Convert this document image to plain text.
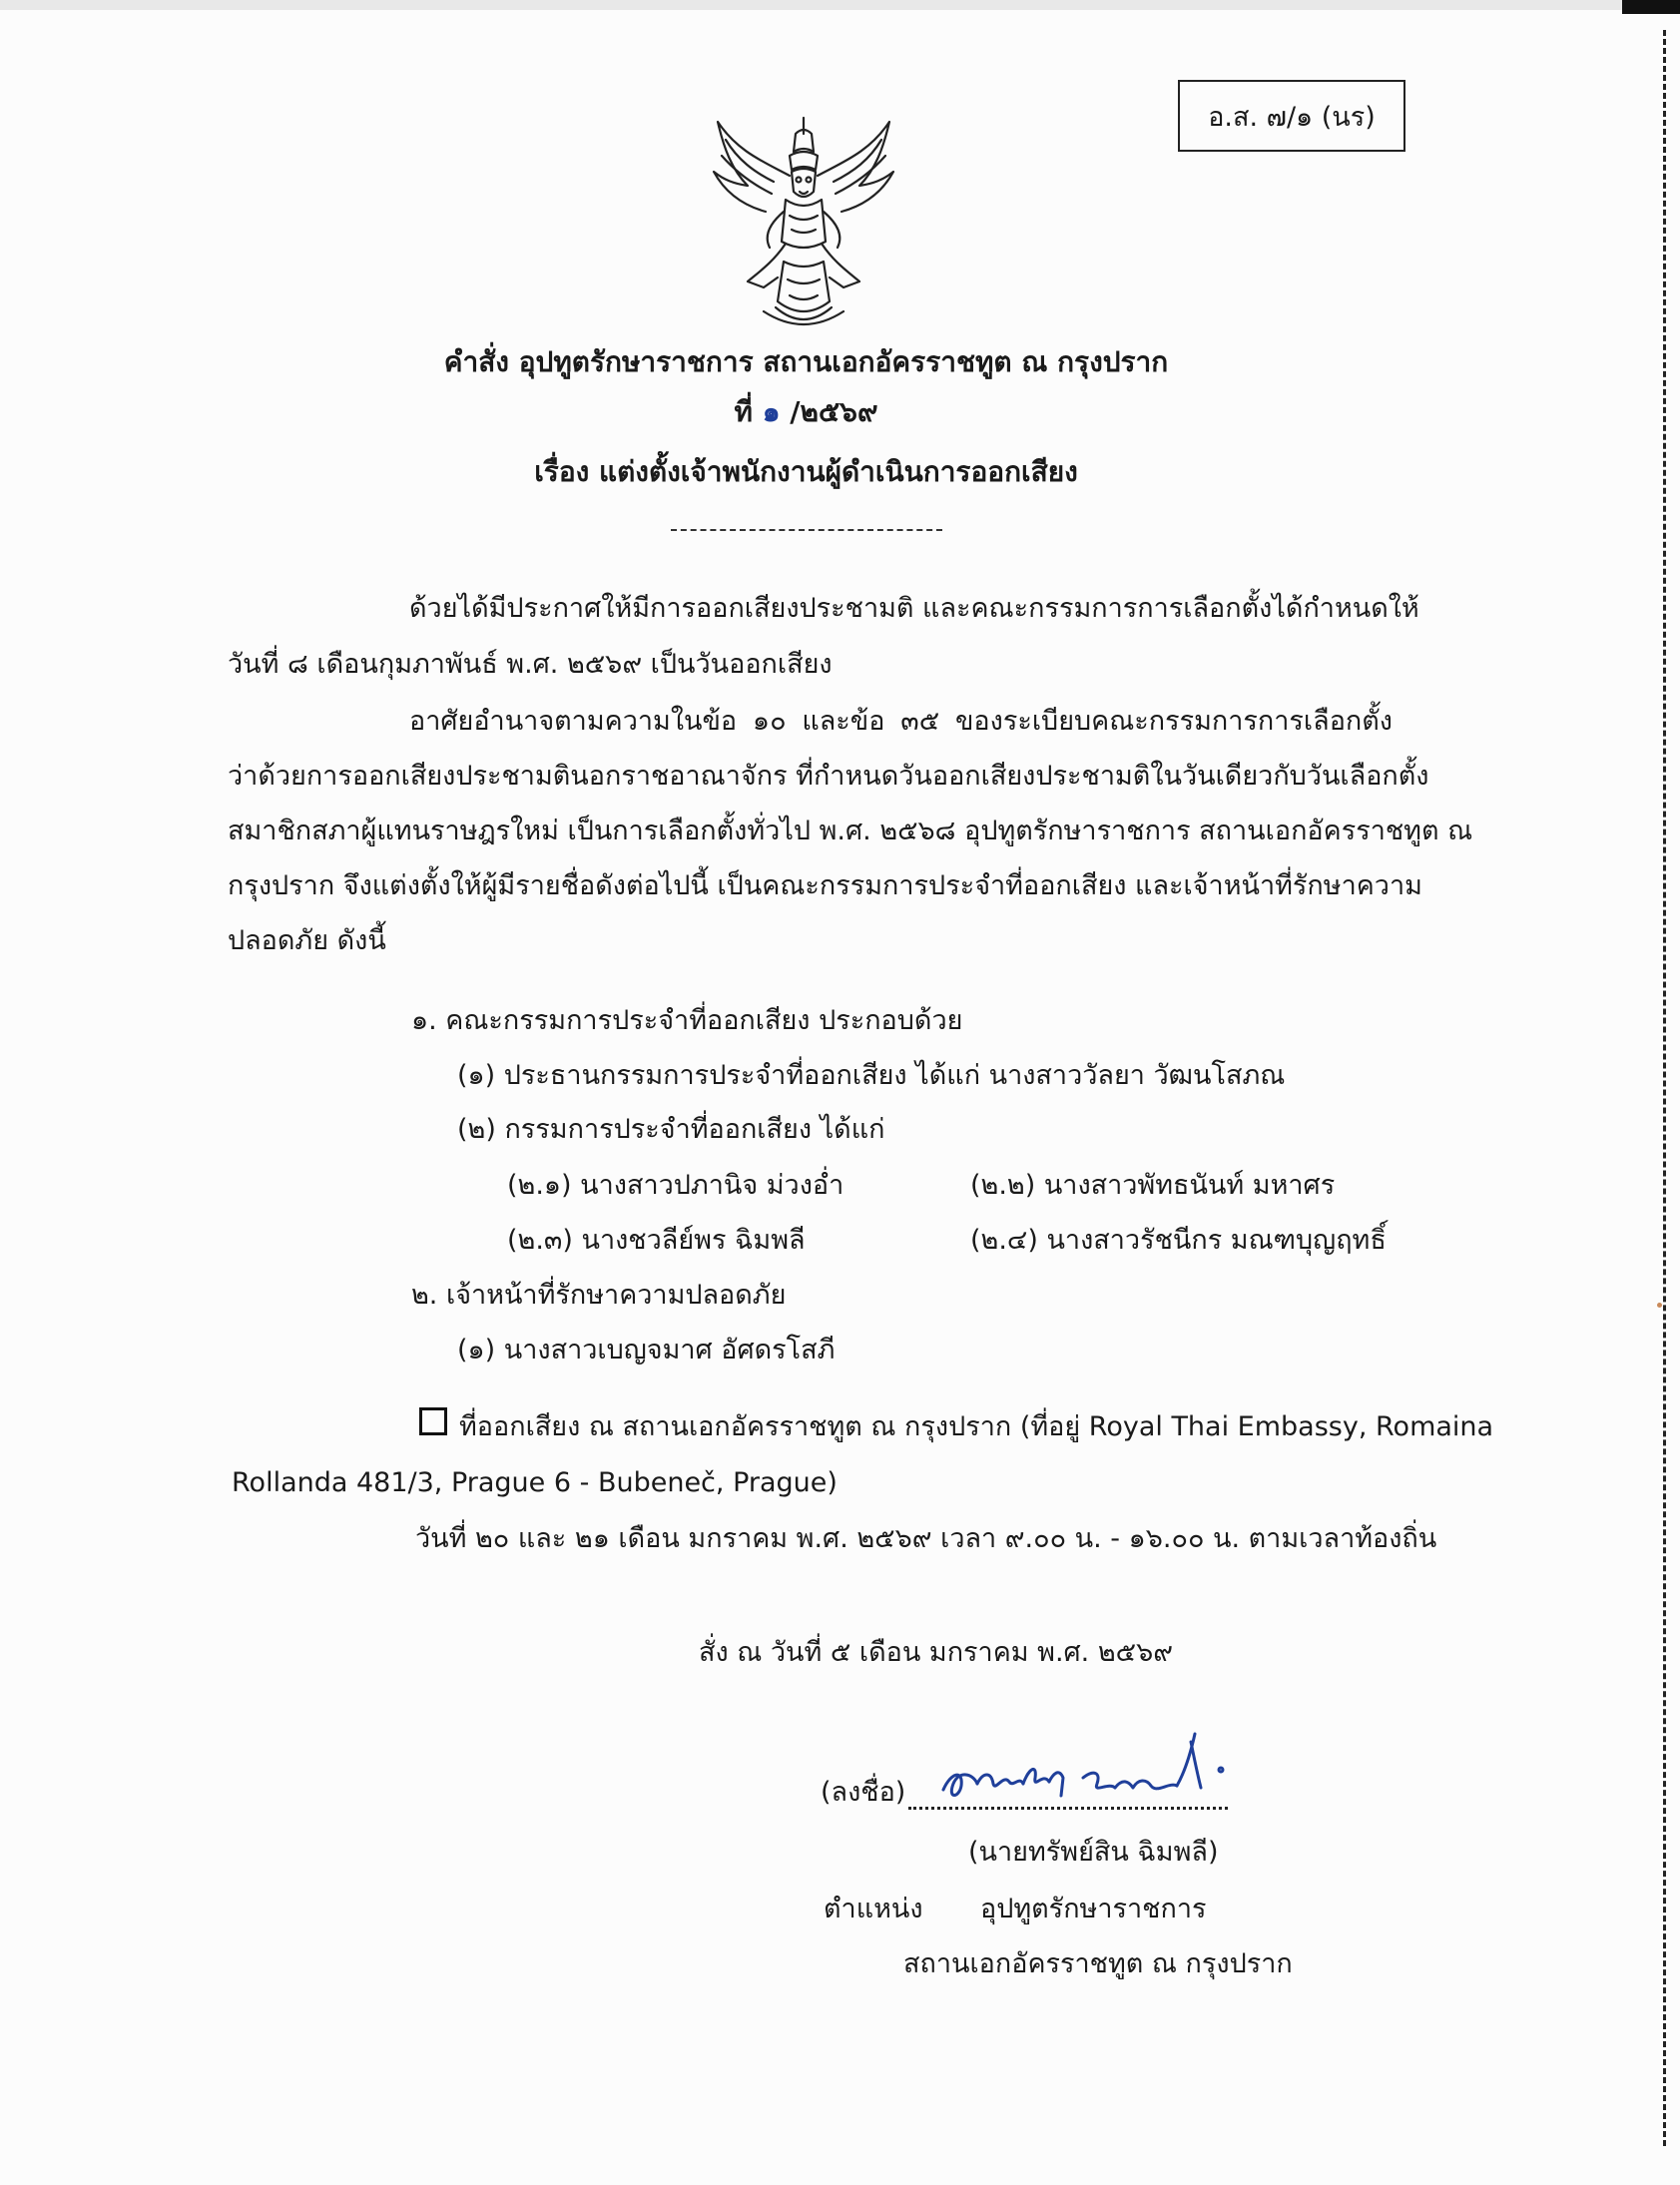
อ.ส. ๗/๑ (นร)
คำสั่ง อุปทูตรักษาราชการ สถานเอกอัครราชทูต ณ กรุงปราก
ที่ ๑ /๒๕๖๙
เรื่อง แต่งตั้งเจ้าพนักงานผู้ดำเนินการออกเสียง
ด้วยได้มีประกาศให้มีการออกเสียงประชามติ และคณะกรรมการการเลือกตั้งได้กำหนดให้
วันที่ ๘ เดือนกุมภาพันธ์ พ.ศ. ๒๕๖๙ เป็นวันออกเสียง
อาศัยอำนาจตามความในข้อ ๑๐ และข้อ ๓๕ ของระเบียบคณะกรรมการการเลือกตั้ง
ว่าด้วยการออกเสียงประชามตินอกราชอาณาจักร ที่กำหนดวันออกเสียงประชามติในวันเดียวกับวันเลือกตั้ง
สมาชิกสภาผู้แทนราษฎรใหม่ เป็นการเลือกตั้งทั่วไป พ.ศ. ๒๕๖๘ อุปทูตรักษาราชการ สถานเอกอัครราชทูต ณ
กรุงปราก จึงแต่งตั้งให้ผู้มีรายชื่อดังต่อไปนี้ เป็นคณะกรรมการประจำที่ออกเสียง และเจ้าหน้าที่รักษาความ
ปลอดภัย ดังนี้
๑. คณะกรรมการประจำที่ออกเสียง ประกอบด้วย
(๑) ประธานกรรมการประจำที่ออกเสียง ได้แก่ นางสาววัลยา วัฒนโสภณ
(๒) กรรมการประจำที่ออกเสียง ได้แก่
(๒.๑) นางสาวปภานิจ ม่วงอ่ำ	(๒.๒) นางสาวพัทธนันท์ มหาศร
(๒.๓) นางชวลีย์พร ฉิมพลี	(๒.๔) นางสาวรัชนีกร มณฑบุญฤทธิ์
๒. เจ้าหน้าที่รักษาความปลอดภัย
(๑) นางสาวเบญจมาศ อัศดรโสภี
ที่ออกเสียง ณ สถานเอกอัครราชทูต ณ กรุงปราก (ที่อยู่ Royal Thai Embassy, Romaina
Rollanda 481/3, Prague 6 - Bubeneč, Prague)
วันที่ ๒๐ และ ๒๑ เดือน มกราคม พ.ศ. ๒๕๖๙ เวลา ๙.๐๐ น. - ๑๖.๐๐ น. ตามเวลาท้องถิ่น
สั่ง ณ วันที่ ๕ เดือน มกราคม พ.ศ. ๒๕๖๙
(ลงชื่อ)
(นายทรัพย์สิน ฉิมพลี)
ตำแหน่ง อุปทูตรักษาราชการ
สถานเอกอัครราชทูต ณ กรุงปราก
